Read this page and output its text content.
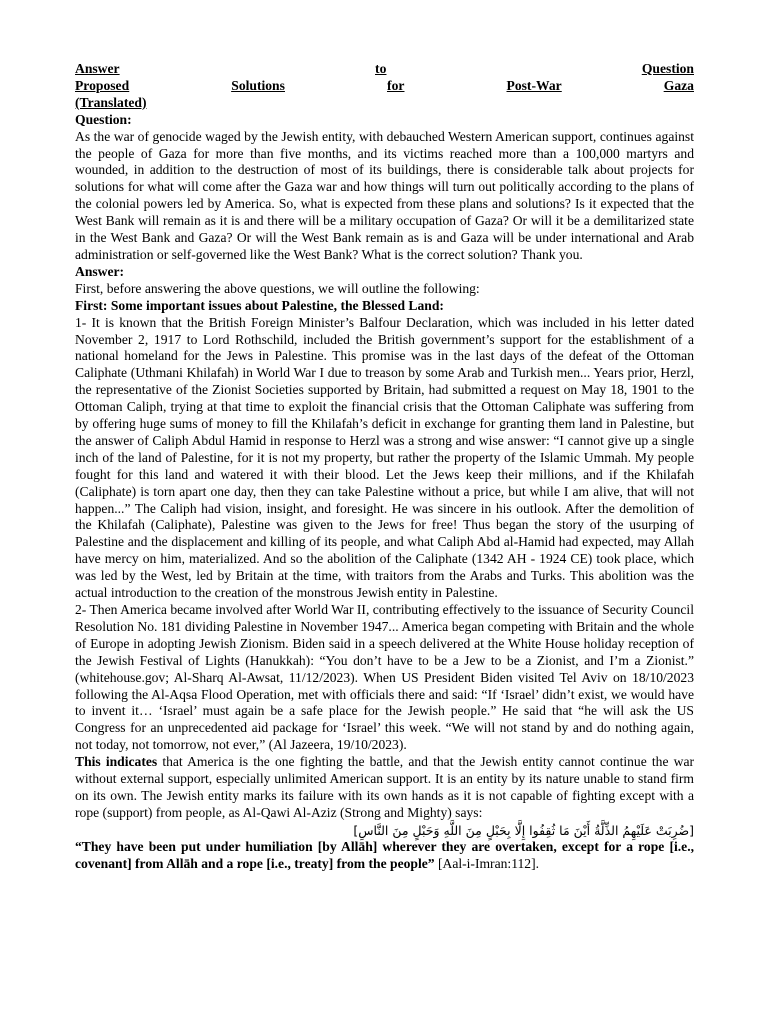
Answer	to	Question
Proposed	Solutions	for	Post-War	Gaza
(Translated)
Question:

As the war of genocide waged by the Jewish entity, with debauched Western American support, continues against the people of Gaza for more than five months, and its victims reached more than a 100,000 martyrs and wounded, in addition to the destruction of most of its buildings, there is considerable talk about projects for solutions for what will come after the Gaza war and how things will turn out politically according to the plans of the colonial powers led by America. So, what is expected from these plans and solutions? Is it expected that the West Bank will remain as it is and there will be a military occupation of Gaza? Or will it be a demilitarized state in the West Bank and Gaza? Or will the West Bank remain as is and Gaza will be under international and Arab administration or self-governed like the West Bank? What is the correct solution? Thank you.

Answer:

First, before answering the above questions, we will outline the following:

First: Some important issues about Palestine, the Blessed Land:

1- It is known that the British Foreign Minister’s Balfour Declaration, which was included in his letter dated November 2, 1917 to Lord Rothschild, included the British government’s support for the establishment of a national homeland for the Jews in Palestine. This promise was in the last days of the defeat of the Ottoman Caliphate (Uthmani Khilafah) in World War I due to treason by some Arab and Turkish men... Years prior, Herzl, the representative of the Zionist Societies supported by Britain, had submitted a request on May 18, 1901 to the Ottoman Caliph, trying at that time to exploit the financial crisis that the Ottoman Caliphate was suffering from by offering huge sums of money to fill the Khilafah’s deficit in exchange for granting them land in Palestine, but the answer of Caliph Abdul Hamid in response to Herzl was a strong and wise answer: “I cannot give up a single inch of the land of Palestine, for it is not my property, but rather the property of the Islamic Ummah. My people fought for this land and watered it with their blood. Let the Jews keep their millions, and if the Khilafah (Caliphate) is torn apart one day, then they can take Palestine without a price, but while I am alive, that will not happen...” The Caliph had vision, insight, and foresight. He was sincere in his outlook. After the demolition of the Khilafah (Caliphate), Palestine was given to the Jews for free! Thus began the story of the usurping of Palestine and the displacement and killing of its people, and what Caliph Abd al-Hamid had expected, may Allah have mercy on him, materialized. And so the abolition of the Caliphate (1342 AH - 1924 CE) took place, which was led by the West, led by Britain at the time, with traitors from the Arabs and Turks. This abolition was the actual introduction to the creation of the monstrous Jewish entity in Palestine.

2- Then America became involved after World War II, contributing effectively to the issuance of Security Council Resolution No. 181 dividing Palestine in November 1947... America began competing with Britain and the whole of Europe in adopting Jewish Zionism. Biden said in a speech delivered at the White House holiday reception of the Jewish Festival of Lights (Hanukkah): “You don’t have to be a Jew to be a Zionist, and I’m a Zionist.” (whitehouse.gov; Al-Sharq Al-Awsat, 11/12/2023). When US President Biden visited Tel Aviv on 18/10/2023 following the Al-Aqsa Flood Operation, met with officials there and said: “If ‘Israel’ didn’t exist, we would have to invent it… ‘Israel’ must again be a safe place for the Jewish people.” He said that “he will ask the US Congress for an unprecedented aid package for ‘Israel’ this week. “We will not stand by and do nothing again, not today, not tomorrow, not ever,” (Al Jazeera, 19/10/2023).

This indicates that America is the one fighting the battle, and that the Jewish entity cannot continue the war without external support, especially unlimited American support. It is an entity by its nature unable to stand firm on its own. The Jewish entity marks its failure with its own hands as it is not capable of fighting except with a rope (support) from people, as Al-Qawi Al-Aziz (Strong and Mighty) says:

[ضُرِبَتْ عَلَيْهِمُ الذِّلَّةُ أَيْنَ مَا ثُقِفُوا إِلَّا بِحَبْلٍ مِنَ اللَّهِ وَحَبْلٍ مِنَ النَّاسِ]

“They have been put under humiliation [by Allāh] wherever they are overtaken, except for a rope [i.e., covenant] from Allāh and a rope [i.e., treaty] from the people” [Aal-i-Imran:112].
